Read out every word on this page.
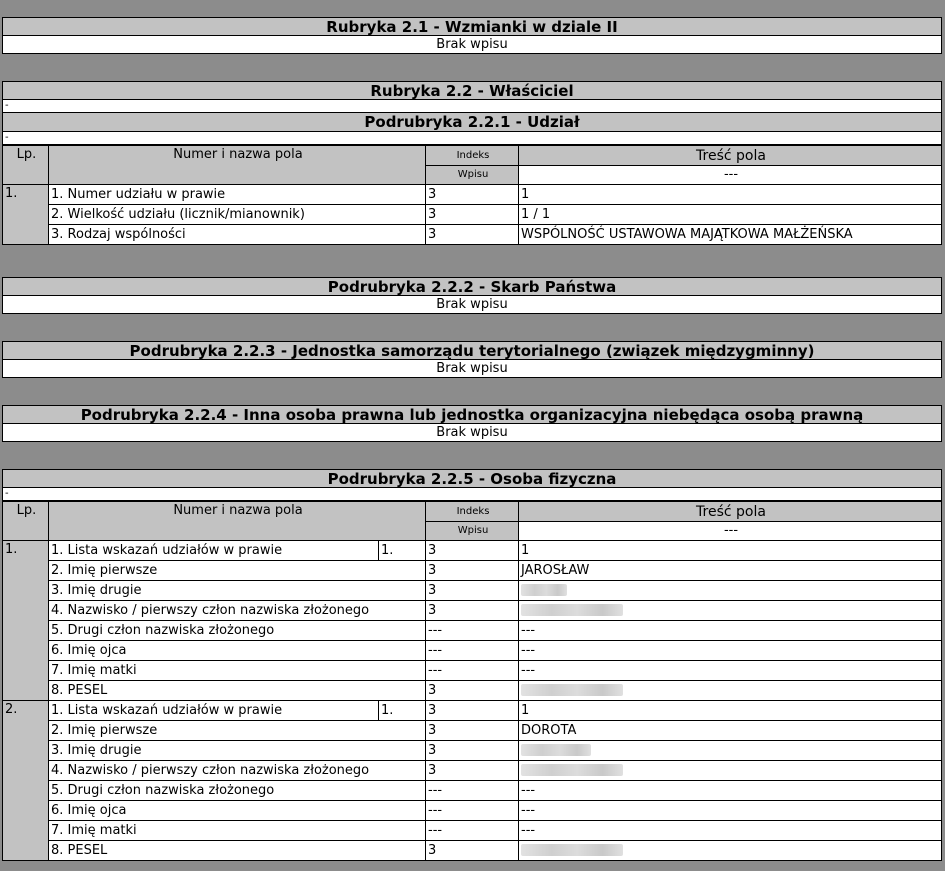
Rubryka 2.1 - Wzmianki w dziale II
Brak wpisu
Rubryka 2.2 - Właściciel
-
Podrubryka 2.2.1 - Udział
-
Lp.	Numer i nazwa pola	Indeks	Treść pola
		Wpisu	---
1.	1. Numer udziału w prawie	3	1
	2. Wielkość udziału (licznik/mianownik)	3	1 / 1
	3. Rodzaj wspólności	3	WSPÓLNOŚĆ USTAWOWA MAJĄTKOWA MAŁŻEŃSKA
Podrubryka 2.2.2 - Skarb Państwa
Brak wpisu
Podrubryka 2.2.3 - Jednostka samorządu terytorialnego (związek międzygminny)
Brak wpisu
Podrubryka 2.2.4 - Inna osoba prawna lub jednostka organizacyjna niebędąca osobą prawną
Brak wpisu
Podrubryka 2.2.5 - Osoba fizyczna
-
Lp.	Numer i nazwa pola		Indeks	Treść pola
			Wpisu	---
1.	1. Lista wskazań udziałów w prawie	1.	3	1
	2. Imię pierwsze		3	JAROSŁAW
	3. Imię drugie		3	
	4. Nazwisko / pierwszy człon nazwiska złożonego		3	
	5. Drugi człon nazwiska złożonego		---	---
	6. Imię ojca		---	---
	7. Imię matki		---	---
	8. PESEL		3	
2.	1. Lista wskazań udziałów w prawie	1.	3	1
	2. Imię pierwsze		3	DOROTA
	3. Imię drugie		3	
	4. Nazwisko / pierwszy człon nazwiska złożonego		3	
	5. Drugi człon nazwiska złożonego		---	---
	6. Imię ojca		---	---
	7. Imię matki		---	---
	8. PESEL		3	
